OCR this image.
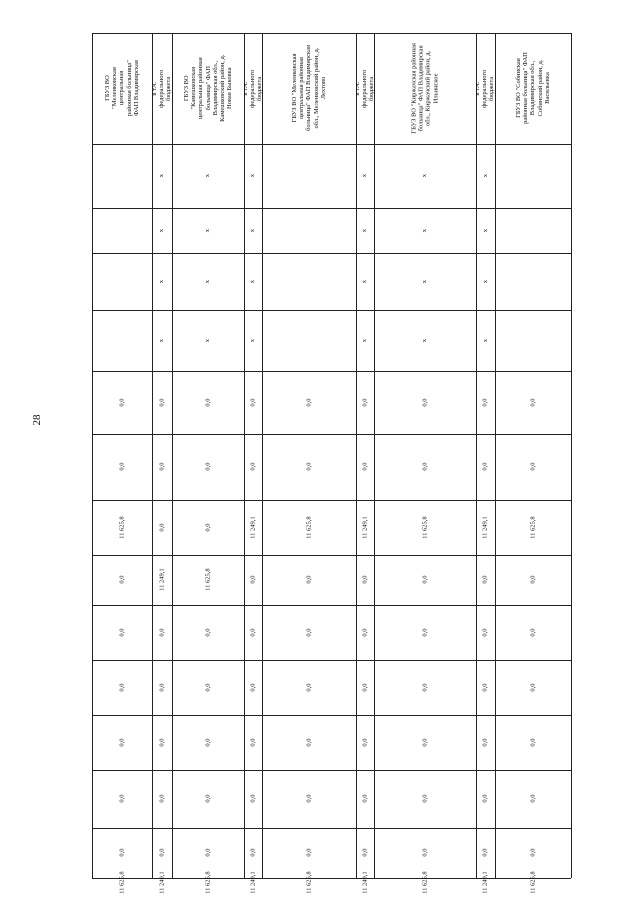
28
ГБУЗ ВО "Собинская районная больница" ФАП Владимирская обл., Собинский район, д. Васильевка
0,0
0,0
11 625,8
0,0
0,0
0,0
0,0
0,0
0,0
11 625,8
в т.ч. федерального бюджета
x
x
x
x
0,0
0,0
11 249,1
0,0
0,0
0,0
0,0
0,0
0,0
11 249,1
ГБУЗ ВО "Киржачская районная больница" ФАП Владимирская обл., Киржачский район, д. Ильинское
x
x
x
x
0,0
0,0
11 625,8
0,0
0,0
0,0
0,0
0,0
0,0
11 625,8
в т.ч. федерального бюджета
x
x
x
x
0,0
0,0
11 249,1
0,0
0,0
0,0
0,0
0,0
0,0
11 249,1
ГБУЗ ВО "Меленковская центральная районная больница" ФАП Владимирская обл., Меленковский район, д. Лехтово
0,0
0,0
11 625,8
0,0
0,0
0,0
0,0
0,0
0,0
11 625,8
в т.ч. федерального бюджета
x
x
x
x
0,0
0,0
11 249,1
0,0
0,0
0,0
0,0
0,0
0,0
11 249,1
ГБУЗ ВО "Камешковская центральная районная больница" ФАП Владимирская обл., Камешковский район, д. Новая Быковка
x
x
x
x
0,0
0,0
0,0
11 625,8
0,0
0,0
0,0
0,0
0,0
11 625,8
в т.ч. федерального бюджета
x
x
x
x
0,0
0,0
0,0
11 249,1
0,0
0,0
0,0
0,0
0,0
11 249,1
ГБУЗ ВО "Меленковская центральная районная больница" ФАП Владимирская
0,0
0,0
11 625,8
0,0
0,0
0,0
0,0
0,0
0,0
11 625,8
